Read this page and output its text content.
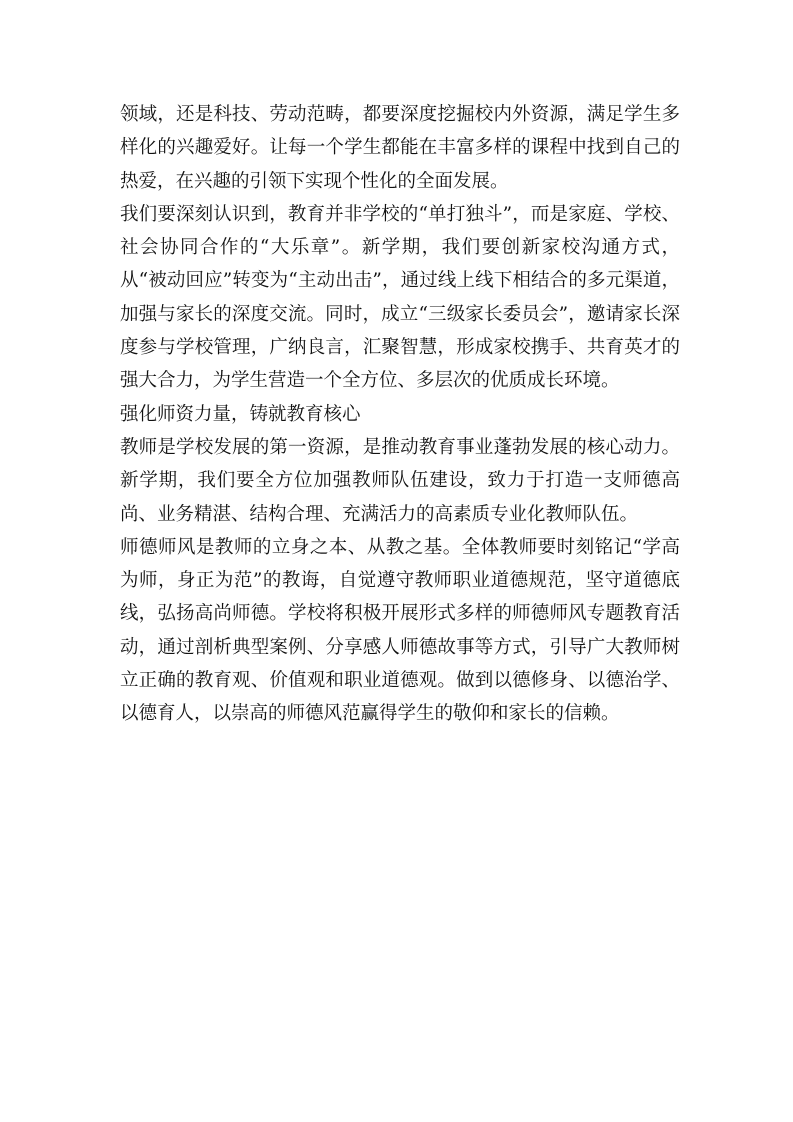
领域，还是科技、劳动范畴，都要深度挖掘校内外资源，满足学生多样化的兴趣爱好。让每一个学生都能在丰富多样的课程中找到自己的热爱，在兴趣的引领下实现个性化的全面发展。

我们要深刻认识到，教育并非学校的“单打独斗”，而是家庭、学校、社会协同合作的“大乐章”。新学期，我们要创新家校沟通方式，从“被动回应”转变为“主动出击”，通过线上线下相结合的多元渠道，加强与家长的深度交流。同时，成立“三级家长委员会”，邀请家长深度参与学校管理，广纳良言，汇聚智慧，形成家校携手、共育英才的强大合力，为学生营造一个全方位、多层次的优质成长环境。

强化师资力量，铸就教育核心

教师是学校发展的第一资源，是推动教育事业蓬勃发展的核心动力。新学期，我们要全方位加强教师队伍建设，致力于打造一支师德高尚、业务精湛、结构合理、充满活力的高素质专业化教师队伍。

师德师风是教师的立身之本、从教之基。全体教师要时刻铭记“学高为师，身正为范”的教诲，自觉遵守教师职业道德规范，坚守道德底线，弘扬高尚师德。学校将积极开展形式多样的师德师风专题教育活动，通过剖析典型案例、分享感人师德故事等方式，引导广大教师树立正确的教育观、价值观和职业道德观。做到以德修身、以德治学、以德育人，以崇高的师德风范赢得学生的敬仰和家长的信赖。
